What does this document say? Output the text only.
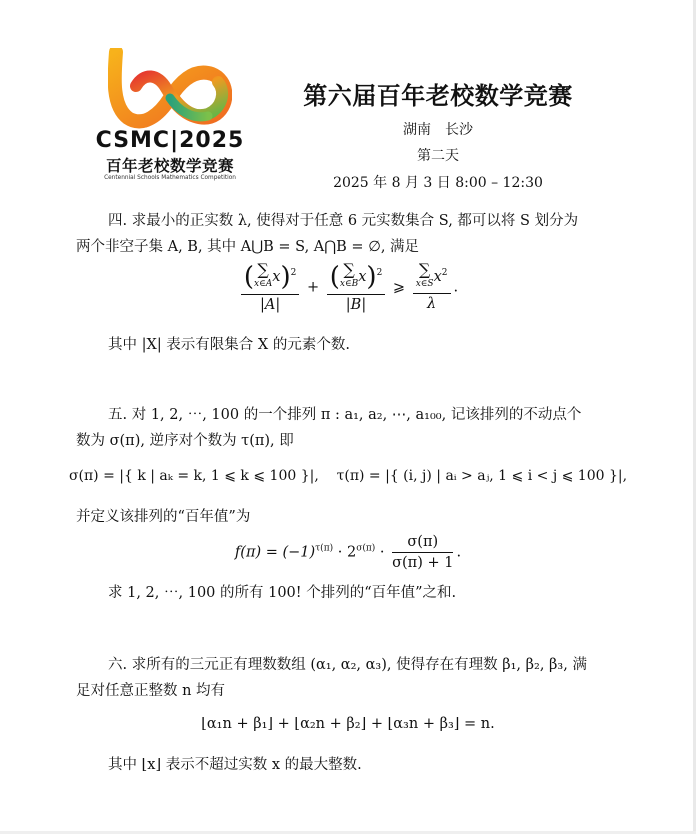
CSMC|2025
百年老校数学竞赛
Centennial Schools Mathematics Competition
第六届百年老校数学竞赛
湖南　长沙
第二天
2025 年 8 月 3 日 8:00 – 12:30
四. 求最小的正实数 λ, 使得对于任意 6 元实数集合 S, 都可以将 S 划分为
两个非空子集 A, B, 其中 A⋃B = S, A⋂B = ∅, 满足
( ∑
x∈A x)$^2$
|A| + ( ∑
x∈B x)$^2$
|B| ⩾ ∑
x∈S $x^2$
λ .
其中 |X| 表示有限集合 X 的元素个数.
五. 对 1, 2, ⋯, 100 的一个排列 π : a₁, a₂, ⋯, a₁₀₀, 记该排列的不动点个
数为 σ(π), 逆序对个数为 τ(π), 即
σ(π) = |{ k | aₖ = k, 1 ⩽ k ⩽ 100 }|, τ(π) = |{ (i, j) | aᵢ > aⱼ, 1 ⩽ i < j ⩽ 100 }|,
并定义该排列的“百年值”为
$f(\pi) = (-1)^{\tau(\pi)} \cdot 2^{\sigma(\pi)} \cdot \frac{\sigma(\pi)}{\sigma(\pi) + 1}$ .
求 1, 2, ⋯, 100 的所有 100! 个排列的“百年值”之和.
六. 求所有的三元正有理数数组 (α₁, α₂, α₃), 使得存在有理数 β₁, β₂, β₃, 满
足对任意正整数 n 均有
⌊α₁n + β₁⌋ + ⌊α₂n + β₂⌋ + ⌊α₃n + β₃⌋ = n.
其中 ⌊x⌋ 表示不超过实数 x 的最大整数.
